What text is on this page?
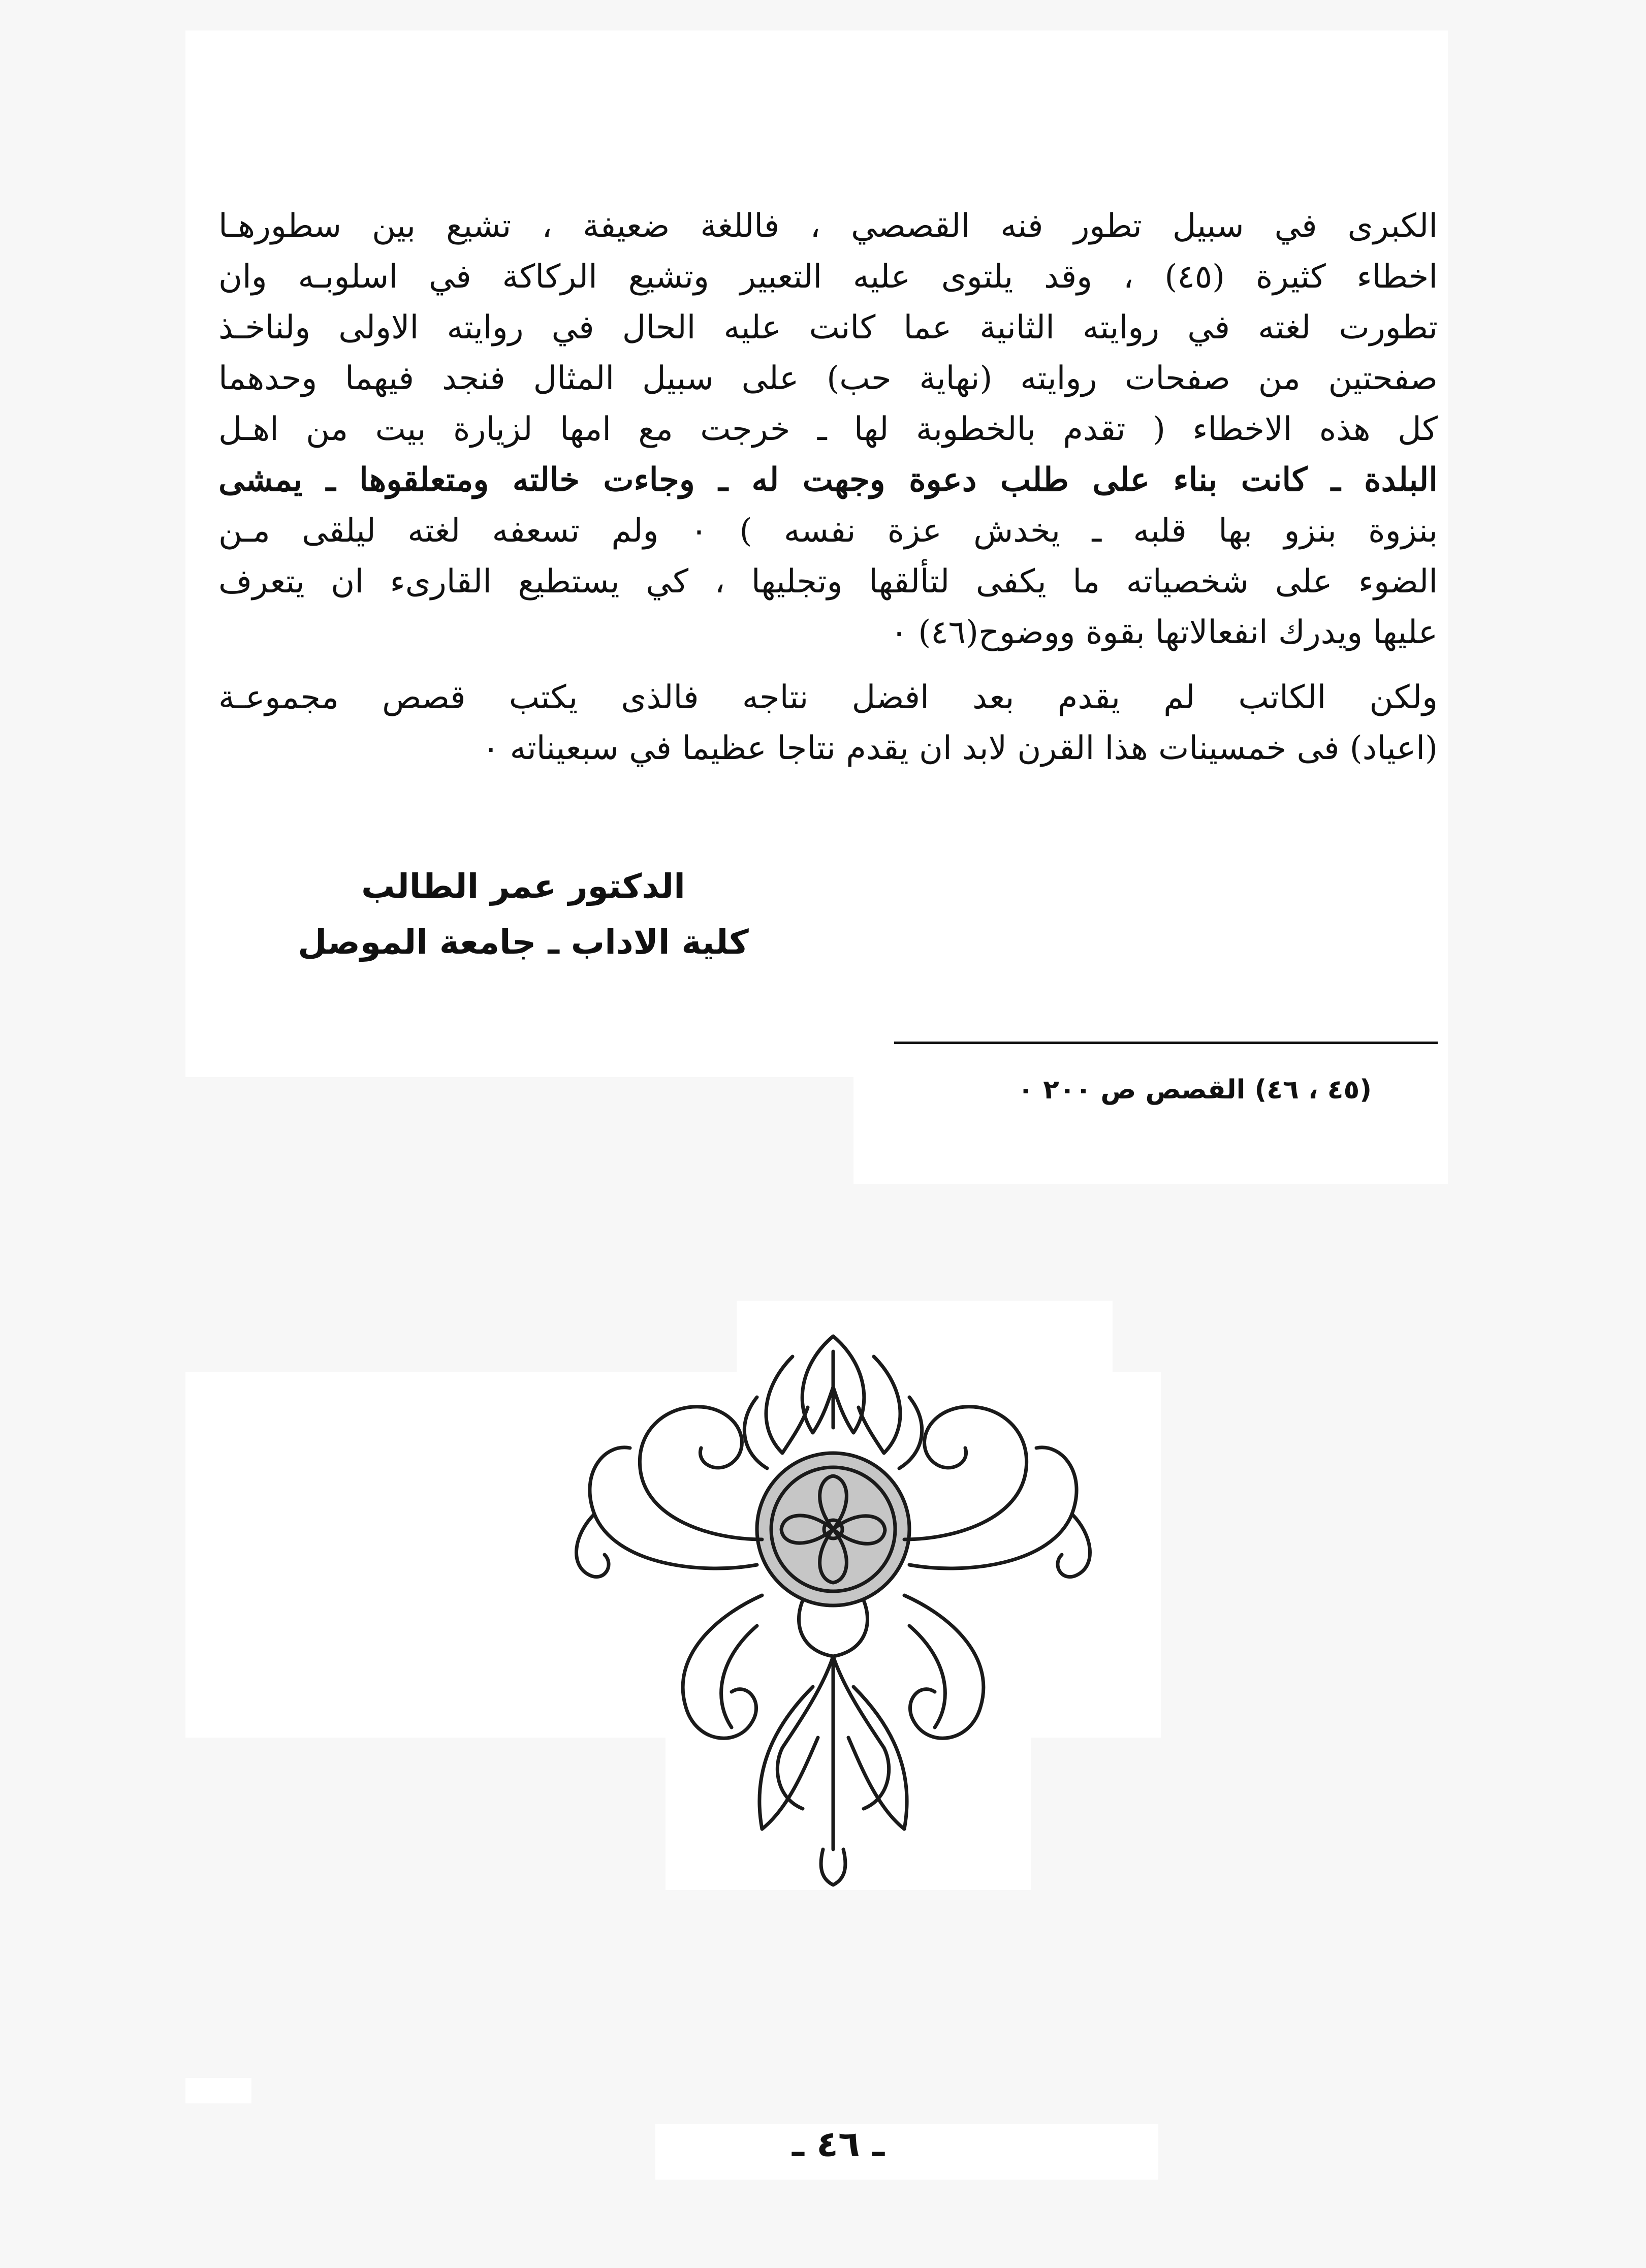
الكبرى في سبيل تطور فنه القصصي ، فاللغة ضعيفة ، تشيع بين سطورهـا
اخطاء كثيرة (٤٥) ، وقد يلتوى عليه التعبير وتشيع الركاكة في اسلوبـه وان
تطورت لغته في روايته الثانية عما كانت عليه الحال في روايته الاولى ولناخـذ
صفحتين من صفحات روايته (نهاية حب) على سبيل المثال فنجد فيهما وحدهما
كل هذه الاخطاء ( تقدم بالخطوبة لها ـ خرجت مع امها لزيارة بيت من اهـل
البلدة ـ كانت بناء على طلب دعوة وجهت له ـ وجاءت خالته ومتعلقوها ـ يمشى
بنزوة بنزو بها قلبه ـ يخدش عزة نفسه ) ٠ ولم تسعفه لغته ليلقى مـن
الضوء على شخصياته ما يكفى لتألقها وتجليها ، كي يستطيع القارىء ان يتعرف
عليها ويدرك انفعالاتها بقوة ووضوح(٤٦) ٠

ولكن الكاتب لم يقدم بعد افضل نتاجه فالذى يكتب قصص مجموعـة
(اعياد) فى خمسينات هذا القرن لابد ان يقدم نتاجا عظيما في سبعيناته ٠

الدكتور عمر الطالب
كلية الاداب ـ جامعة الموصل
(٤٥ ، ٤٦) القصص ص ٢٠٠ ٠
ـ ٤٦ ـ
